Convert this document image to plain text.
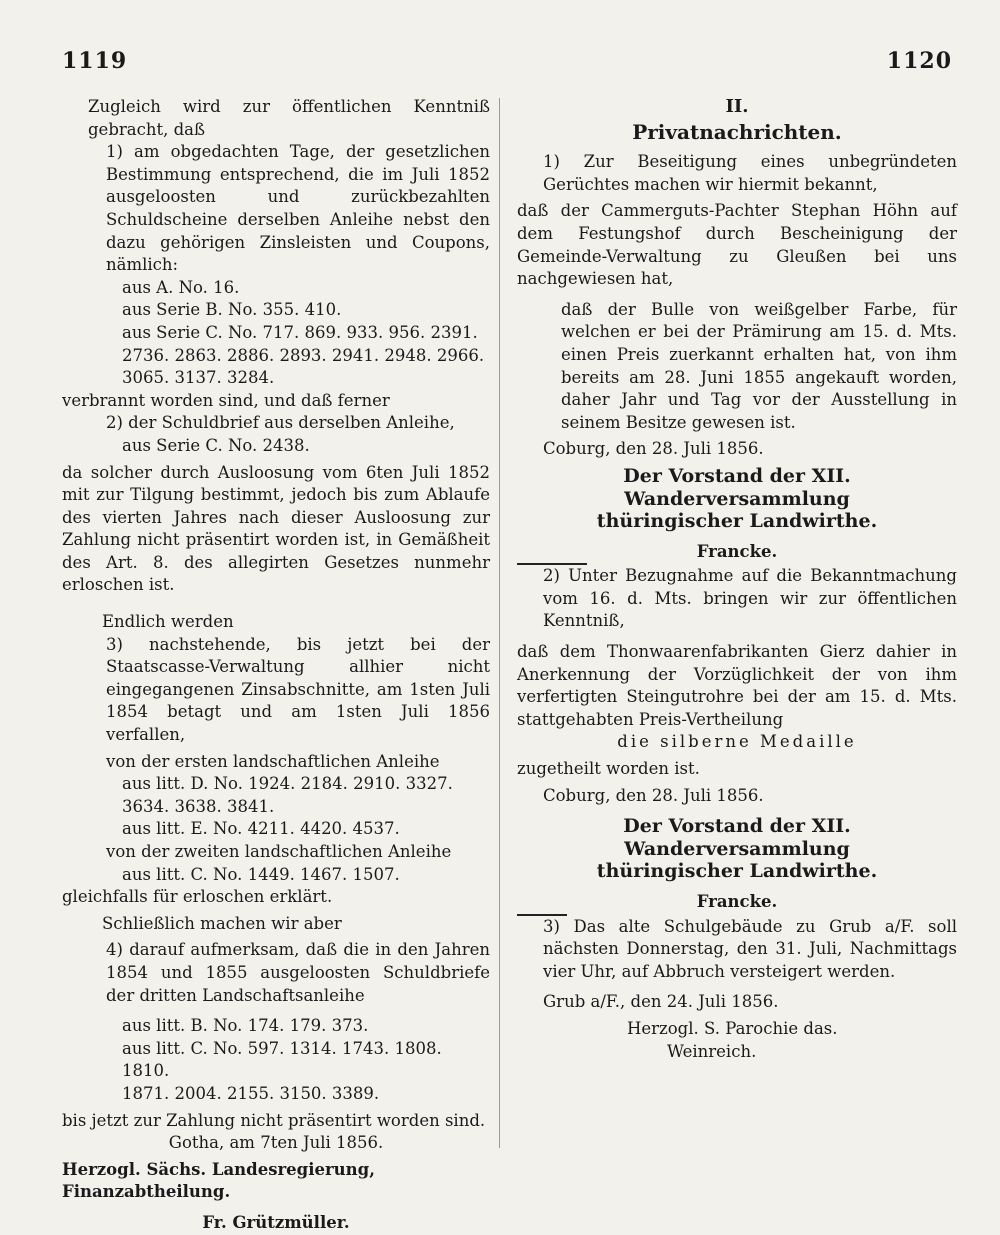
1119	1120

Zugleich wird zur öffentlichen Kenntniß gebracht, daß

1) am obgedachten Tage, der gesetzlichen Bestimmung entsprechend, die im Juli 1852 ausgeloosten und zurückbezahlten Schuldscheine derselben Anleihe nebst den dazu gehörigen Zinsleisten und Coupons, nämlich:

aus A. No. 16.
aus Serie B. No. 355. 410.
aus Serie C. No. 717. 869. 933. 956. 2391.
2736. 2863. 2886. 2893. 2941. 2948. 2966.
3065. 3137. 3284.

verbrannt worden sind, und daß ferner

2) der Schuldbrief aus derselben Anleihe,

aus Serie C. No. 2438.

da solcher durch Ausloosung vom 6ten Juli 1852 mit zur Tilgung bestimmt, jedoch bis zum Ablaufe des vierten Jahres nach dieser Ausloosung zur Zahlung nicht präsentirt worden ist, in Gemäßheit des Art. 8. des allegirten Gesetzes nunmehr erloschen ist.

Endlich werden

3) nachstehende, bis jetzt bei der Staatscasse-Verwaltung allhier nicht eingegangenen Zinsabschnitte, am 1sten Juli 1854 betagt und am 1sten Juli 1856 verfallen,

von der ersten landschaftlichen Anleihe

aus litt. D. No. 1924. 2184. 2910. 3327.
3634. 3638. 3841.
aus litt. E. No. 4211. 4420. 4537.

von der zweiten landschaftlichen Anleihe

aus litt. C. No. 1449. 1467. 1507.

gleichfalls für erloschen erklärt.

Schließlich machen wir aber

4) darauf aufmerksam, daß die in den Jahren 1854 und 1855 ausgeloosten Schuldbriefe der dritten Landschaftsanleihe

aus litt. B. No. 174. 179. 373.
aus litt. C. No. 597. 1314. 1743. 1808. 1810.
1871. 2004. 2155. 3150. 3389.

bis jetzt zur Zahlung nicht präsentirt worden sind.

Gotha, am 7ten Juli 1856.

Herzogl. Sächs. Landesregierung, Finanzabtheilung.

Fr. Grützmüller.

II.

Privatnachrichten.

1) Zur Beseitigung eines unbegründeten Gerüchtes machen wir hiermit bekannt,

daß der Cammerguts-Pachter Stephan Höhn auf dem Festungshof durch Bescheinigung der Gemeinde-Verwaltung zu Gleußen bei uns nachgewiesen hat,

daß der Bulle von weißgelber Farbe, für welchen er bei der Prämirung am 15. d. Mts. einen Preis zuerkannt erhalten hat, von ihm bereits am 28. Juni 1855 angekauft worden, daher Jahr und Tag vor der Ausstellung in seinem Besitze gewesen ist.

Coburg, den 28. Juli 1856.

Der Vorstand der XII. Wanderversammlung

thüringischer Landwirthe.

Francke.

2) Unter Bezugnahme auf die Bekanntmachung vom 16. d. Mts. bringen wir zur öffentlichen Kenntniß,

daß dem Thonwaarenfabrikanten Gierz dahier in Anerkennung der Vorzüglichkeit der von ihm verfertigten Steingutrohre bei der am 15. d. Mts. stattgehabten Preis-Vertheilung

die silberne Medaille

zugetheilt worden ist.

Coburg, den 28. Juli 1856.

Der Vorstand der XII. Wanderversammlung

thüringischer Landwirthe.

Francke.

3) Das alte Schulgebäude zu Grub a/F. soll nächsten Donnerstag, den 31. Juli, Nachmittags vier Uhr, auf Abbruch versteigert werden.

Grub a/F., den 24. Juli 1856.

Herzogl. S. Parochie das.

Weinreich.
